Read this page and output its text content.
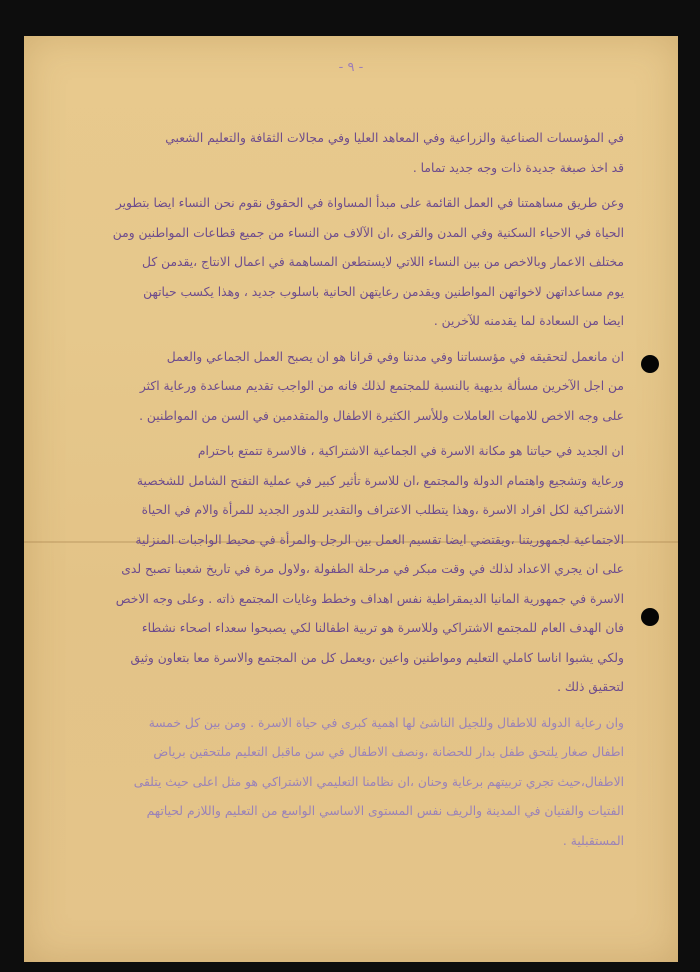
- ٩ -

في المؤسسات الصناعية والزراعية وفي المعاهد العليا وفي مجالات الثقافة والتعليم الشعبي
قد اخذ صبغة جديدة ذات وجه جديد تماما .

وعن طريق مساهمتنا في العمل القائمة على مبدأ المساواة في الحقوق نقوم نحن النساء ايضا بتطوير
الحياة في الاحياء السكنية وفي المدن والقرى ،ان الآلاف من النساء من جميع قطاعات المواطنين ومن
مختلف الاعمار وبالاخص من بين النساء اللاتي لايستطعن المساهمة في اعمال الانتاج ،يقدمن كل
يوم مساعداتهن لاخواتهن المواطنين ويقدمن رعايتهن الحانية باسلوب جديد ، وهذا يكسب حياتهن
ايضا من السعادة لما يقدمنه للآخرين .

ان مانعمل لتحقيقه في مؤسساتنا وفي مدننا وفي قرانا هو ان يصبح العمل الجماعي والعمل
من اجل الآخرين مسألة بديهية بالنسبة للمجتمع لذلك فانه من الواجب تقديم مساعدة ورعاية اكثر
على وجه الاخص للامهات العاملات وللأسر الكثيرة الاطفال والمتقدمين في السن من المواطنين .

ان الجديد في حياتنا هو مكانة الاسرة في الجماعية الاشتراكية ، فالاسرة تتمتع باحترام
ورعاية وتشجيع واهتمام الدولة والمجتمع ،ان للاسرة تأثير كبير في عملية التفتح الشامل للشخصية
الاشتراكية لكل افراد الاسرة ،وهذا يتطلب الاعتراف والتقدير للدور الجديد للمرأة والام في الحياة
الاجتماعية لجمهوريتنا ،ويقتضي ايضا تقسيم العمل بين الرجل والمرأة في محيط الواجبات المنزلية
على ان يجري الاعداد لذلك في وقت مبكر في مرحلة الطفولة ،ولاول مرة في تاريخ شعبنا تصبح لدى
الاسرة في جمهورية المانيا الديمقراطية نفس اهداف وخطط وغايات المجتمع ذاته . وعلى وجه الاخص
فان الهدف العام للمجتمع الاشتراكي وللاسرة هو تربية اطفالنا لكي يصبحوا سعداء اصحاء نشطاء
ولكي يشبوا اناسا كاملي التعليم ومواطنين واعين ،ويعمل كل من المجتمع والاسرة معا بتعاون وثيق
لتحقيق ذلك .

وان رعاية الدولة للاطفال وللجيل الناشئ لها اهمية كبرى في حياة الاسرة . ومن بين كل خمسة
اطفال صغار يلتحق طفل بدار للحضانة ،ونصف الاطفال في سن ماقبل التعليم ملتحقين برياض
الاطفال،حيث تجري تربيتهم برعاية وحنان ،ان نظامنا التعليمي الاشتراكي هو مثل اعلى حيث يتلقى
الفتيات والفتيان في المدينة والريف نفس المستوى الاساسي الواسع من التعليم واللازم لحياتهم
المستقبلية .
